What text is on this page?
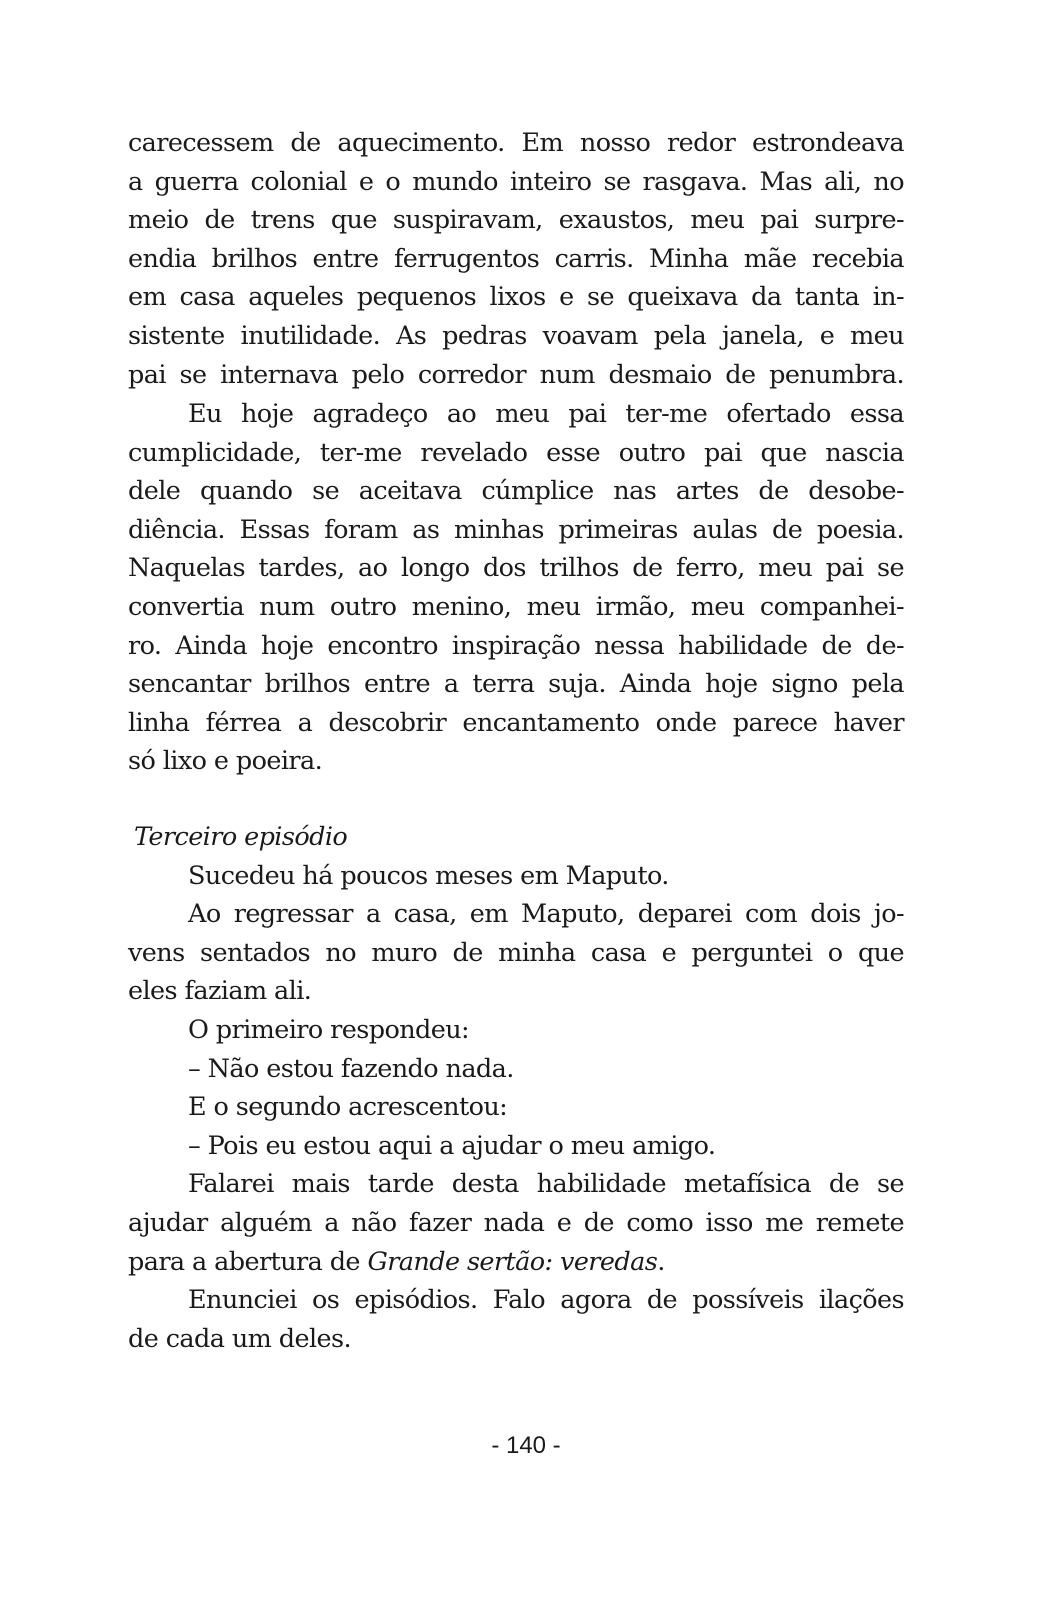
carecessem de aquecimento. Em nosso redor estrondeava
a guerra colonial e o mundo inteiro se rasgava. Mas ali, no
meio de trens que suspiravam, exaustos, meu pai surpre-
endia brilhos entre ferrugentos carris. Minha mãe recebia
em casa aqueles pequenos lixos e se queixava da tanta in-
sistente inutilidade. As pedras voavam pela janela, e meu
pai se internava pelo corredor num desmaio de penumbra.
Eu hoje agradeço ao meu pai ter-me ofertado essa
cumplicidade, ter-me revelado esse outro pai que nascia
dele quando se aceitava cúmplice nas artes de desobe-
diência. Essas foram as minhas primeiras aulas de poesia.
Naquelas tardes, ao longo dos trilhos de ferro, meu pai se
convertia num outro menino, meu irmão, meu companhei-
ro. Ainda hoje encontro inspiração nessa habilidade de de-
sencantar brilhos entre a terra suja. Ainda hoje signo pela
linha férrea a descobrir encantamento onde parece haver
só lixo e poeira.
Terceiro episódio
Sucedeu há poucos meses em Maputo.
Ao regressar a casa, em Maputo, deparei com dois jo-
vens sentados no muro de minha casa e perguntei o que
eles faziam ali.
O primeiro respondeu:
– Não estou fazendo nada.
E o segundo acrescentou:
– Pois eu estou aqui a ajudar o meu amigo.
Falarei mais tarde desta habilidade metafísica de se
ajudar alguém a não fazer nada e de como isso me remete
para a abertura de Grande sertão: veredas.
Enunciei os episódios. Falo agora de possíveis ilações
de cada um deles.
- 140 -
